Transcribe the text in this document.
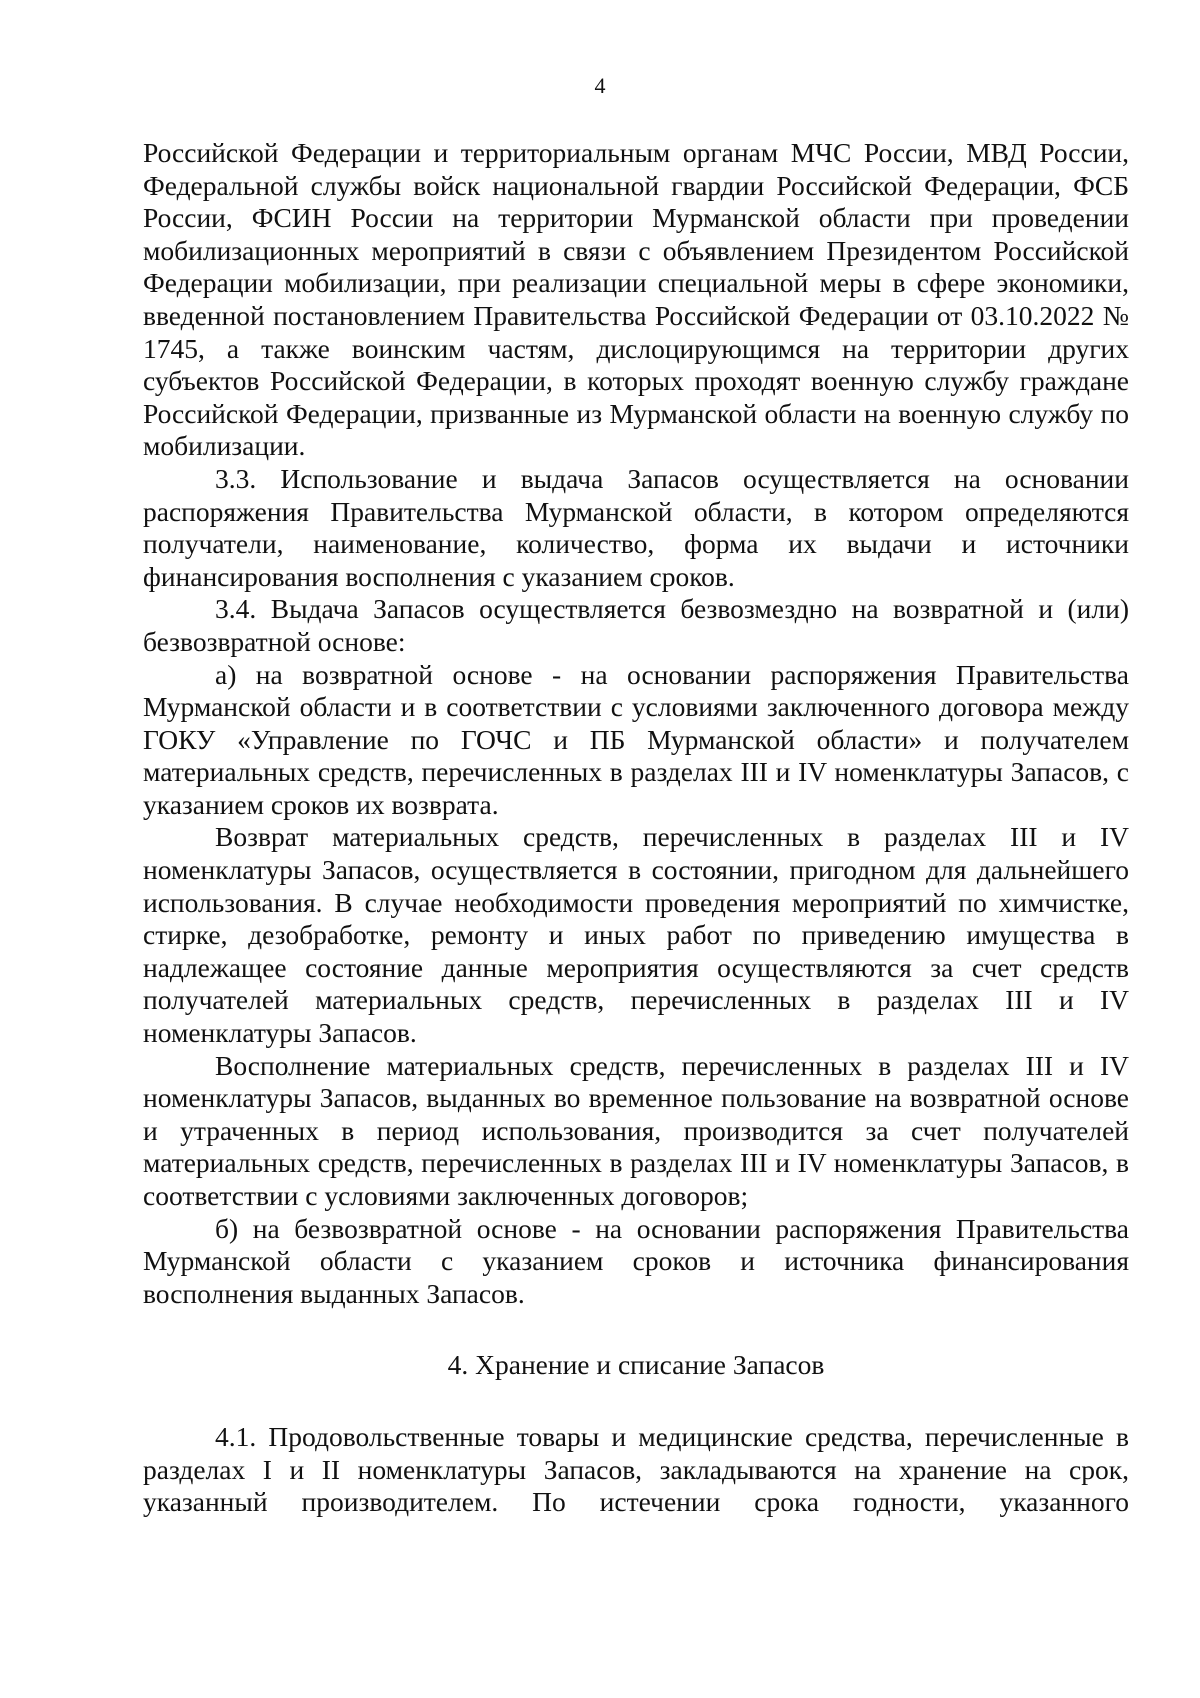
4

Российской Федерации и территориальным органам МЧС России, МВД России, Федеральной службы войск национальной гвардии Российской Федерации, ФСБ России, ФСИН России на территории Мурманской области при проведении мобилизационных мероприятий в связи с объявлением Президентом Российской Федерации мобилизации, при реализации специальной меры в сфере экономики, введенной постановлением Правительства Российской Федерации от 03.10.2022 № 1745, а также воинским частям, дислоцирующимся на территории других субъектов Российской Федерации, в которых проходят военную службу граждане Российской Федерации, призванные из Мурманской области на военную службу по мобилизации.

3.3. Использование и выдача Запасов осуществляется на основании распоряжения Правительства Мурманской области, в котором определяются получатели, наименование, количество, форма их выдачи и источники финансирования восполнения с указанием сроков.

3.4. Выдача Запасов осуществляется безвозмездно на возвратной и (или) безвозвратной основе:

а) на возвратной основе - на основании распоряжения Правительства Мурманской области и в соответствии с условиями заключенного договора между ГОКУ «Управление по ГОЧС и ПБ Мурманской области» и получателем материальных средств, перечисленных в разделах III и IV номенклатуры Запасов, с указанием сроков их возврата.

Возврат материальных средств, перечисленных в разделах III и IV номенклатуры Запасов, осуществляется в состоянии, пригодном для дальнейшего использования. В случае необходимости проведения мероприятий по химчистке, стирке, дезобработке, ремонту и иных работ по приведению имущества в надлежащее состояние данные мероприятия осуществляются за счет средств получателей материальных средств, перечисленных в разделах III и IV номенклатуры Запасов.

Восполнение материальных средств, перечисленных в разделах III и IV номенклатуры Запасов, выданных во временное пользование на возвратной основе и утраченных в период использования, производится за счет получателей материальных средств, перечисленных в разделах III и IV номенклатуры Запасов, в соответствии с условиями заключенных договоров;

б) на безвозвратной основе - на основании распоряжения Правительства Мурманской области с указанием сроков и источника финансирования восполнения выданных Запасов.

4. Хранение и списание Запасов

4.1. Продовольственные товары и медицинские средства, перечисленные в разделах I и II номенклатуры Запасов, закладываются на хранение на срок, указанный производителем. По истечении срока годности, указанного
